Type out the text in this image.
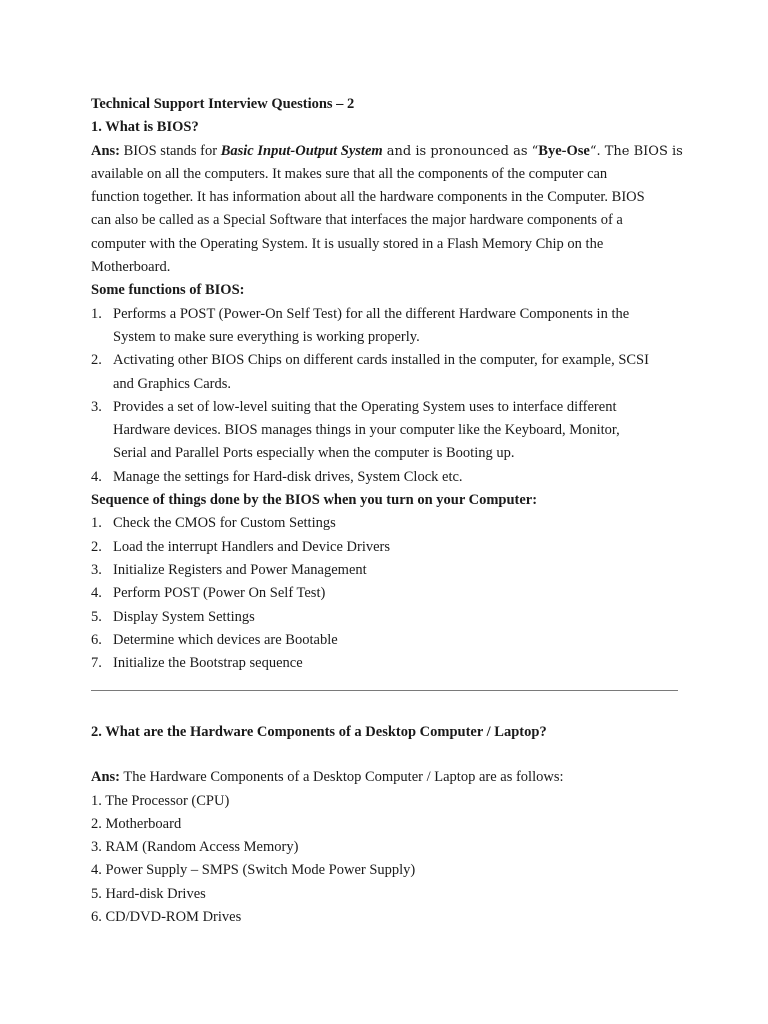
Technical Support Interview Questions – 2
1. What is BIOS?
Ans: BIOS stands for Basic Input-Output System and is pronounced as “Bye-Ose“. The BIOS is
available on all the computers. It makes sure that all the components of the computer can
function together. It has information about all the hardware components in the Computer. BIOS
can also be called as a Special Software that interfaces the major hardware components of a
computer with the Operating System. It is usually stored in a Flash Memory Chip on the
Motherboard.
Some functions of BIOS:
1. Performs a POST (Power-On Self Test) for all the different Hardware Components in the
System to make sure everything is working properly.
2. Activating other BIOS Chips on different cards installed in the computer, for example, SCSI
and Graphics Cards.
3. Provides a set of low-level suiting that the Operating System uses to interface different
Hardware devices. BIOS manages things in your computer like the Keyboard, Monitor,
Serial and Parallel Ports especially when the computer is Booting up.
4. Manage the settings for Hard-disk drives, System Clock etc.
Sequence of things done by the BIOS when you turn on your Computer:
1. Check the CMOS for Custom Settings
2. Load the interrupt Handlers and Device Drivers
3. Initialize Registers and Power Management
4. Perform POST (Power On Self Test)
5. Display System Settings
6. Determine which devices are Bootable
7. Initialize the Bootstrap sequence
2. What are the Hardware Components of a Desktop Computer / Laptop?
Ans: The Hardware Components of a Desktop Computer / Laptop are as follows:
1. The Processor (CPU)
2. Motherboard
3. RAM (Random Access Memory)
4. Power Supply – SMPS (Switch Mode Power Supply)
5. Hard-disk Drives
6. CD/DVD-ROM Drives
